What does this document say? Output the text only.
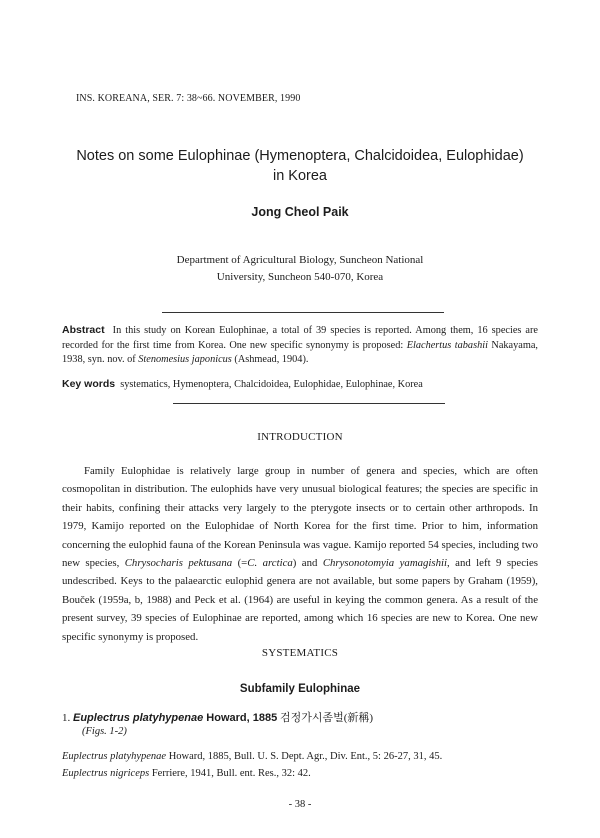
INS. KOREANA, SER. 7: 38~66. NOVEMBER, 1990
Notes on some Eulophinae (Hymenoptera, Chalcidoidea, Eulophidae)
in Korea
Jong Cheol Paik
Department of Agricultural Biology, Suncheon National
University, Suncheon 540-070, Korea
Abstract In this study on Korean Eulophinae, a total of 39 species is reported. Among them, 16 species are recorded for the first time from Korea. One new specific synonymy is proposed: Elachertus tabashii Nakayama, 1938, syn. nov. of Stenomesius japonicus (Ashmead, 1904).
Key words systematics, Hymenoptera, Chalcidoidea, Eulophidae, Eulophinae, Korea
INTRODUCTION

Family Eulophidae is relatively large group in number of genera and species, which are often cosmopolitan in distribution. The eulophids have very unusual biological features; the species are specific in their habits, confining their attacks very largely to the pterygote insects or to certain other arthropods. In 1979, Kamijo reported on the Eulophidae of North Korea for the first time. Prior to him, information concerning the eulophid fauna of the Korean Peninsula was vague. Kamijo reported 54 species, including two new species, Chrysocharis pektusana (=C. arctica) and Chrysonotomyia yamagishii, and left 9 species undescribed. Keys to the palaearctic eulophid genera are not available, but some papers by Graham (1959), Bouček (1959a, b, 1988) and Peck et al. (1964) are useful in keying the common genera. As a result of the present survey, 39 species of Eulophinae are reported, among which 16 species are new to Korea. One new specific synonymy is proposed.

SYSTEMATICS
Subfamily Eulophinae
1. Euplectrus platyhypenae Howard, 1885 검정가시좀벌(新稱)
(Figs. 1-2)
Euplectrus platyhypenae Howard, 1885, Bull. U. S. Dept. Agr., Div. Ent., 5: 26-27, 31, 45.
Euplectrus nigriceps Ferriere, 1941, Bull. ent. Res., 32: 42.
- 38 -
